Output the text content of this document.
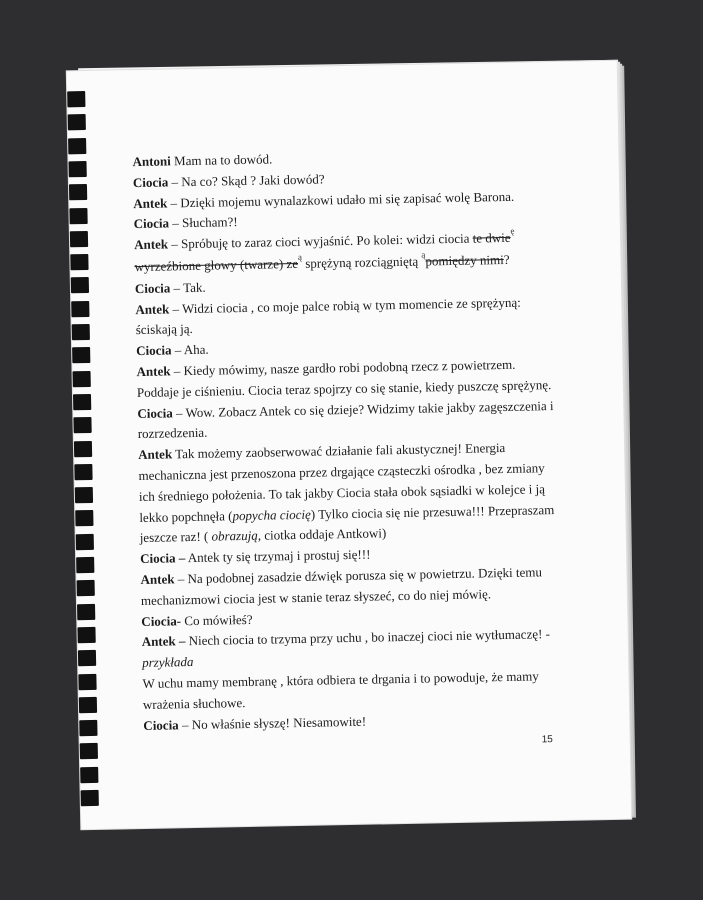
Antoni Mam na to dowód.
Ciocia – Na co? Skąd ? Jaki dowód?
Antek – Dzięki mojemu wynalazkowi udało mi się zapisać wolę Barona.
Ciocia – Słucham?!
Antek – Spróbuję to zaraz cioci wyjaśnić. Po kolei: widzi ciocia te dwie$^ę$
wyrzeźbione głowy (twarze) $ze^ą$ sprężyną rozciągniętą $^ą$pomiędzy nimi?
Ciocia – Tak.
Antek – Widzi ciocia , co moje palce robią w tym momencie ze sprężyną:
ściskają ją.
Ciocia – Aha.
Antek – Kiedy mówimy, nasze gardło robi podobną rzecz z powietrzem.
Poddaje je ciśnieniu. Ciocia teraz spojrzy co się stanie, kiedy puszczę sprężynę.
Ciocia – Wow. Zobacz Antek co się dzieje? Widzimy takie jakby zagęszczenia i
rozrzedzenia.
Antek Tak możemy zaobserwować działanie fali akustycznej! Energia
mechaniczna jest przenoszona przez drgające cząsteczki ośrodka , bez zmiany
ich średniego położenia. To tak jakby Ciocia stała obok sąsiadki w kolejce i ją
lekko popchnęła (popycha ciocię) Tylko ciocia się nie przesuwa!!! Przepraszam
jeszcze raz! ( obrazują, ciotka oddaje Antkowi)
Ciocia – Antek ty się trzymaj i prostuj się!!!
Antek – Na podobnej zasadzie dźwięk porusza się w powietrzu. Dzięki temu
mechanizmowi ciocia jest w stanie teraz słyszeć, co do niej mówię.
Ciocia- Co mówiłeś?
Antek – Niech ciocia to trzyma przy uchu , bo inaczej cioci nie wytłumaczę! -
przykłada
W uchu mamy membranę , która odbiera te drgania i to powoduje, że mamy
wrażenia słuchowe.
Ciocia – No właśnie słyszę! Niesamowite!
15
